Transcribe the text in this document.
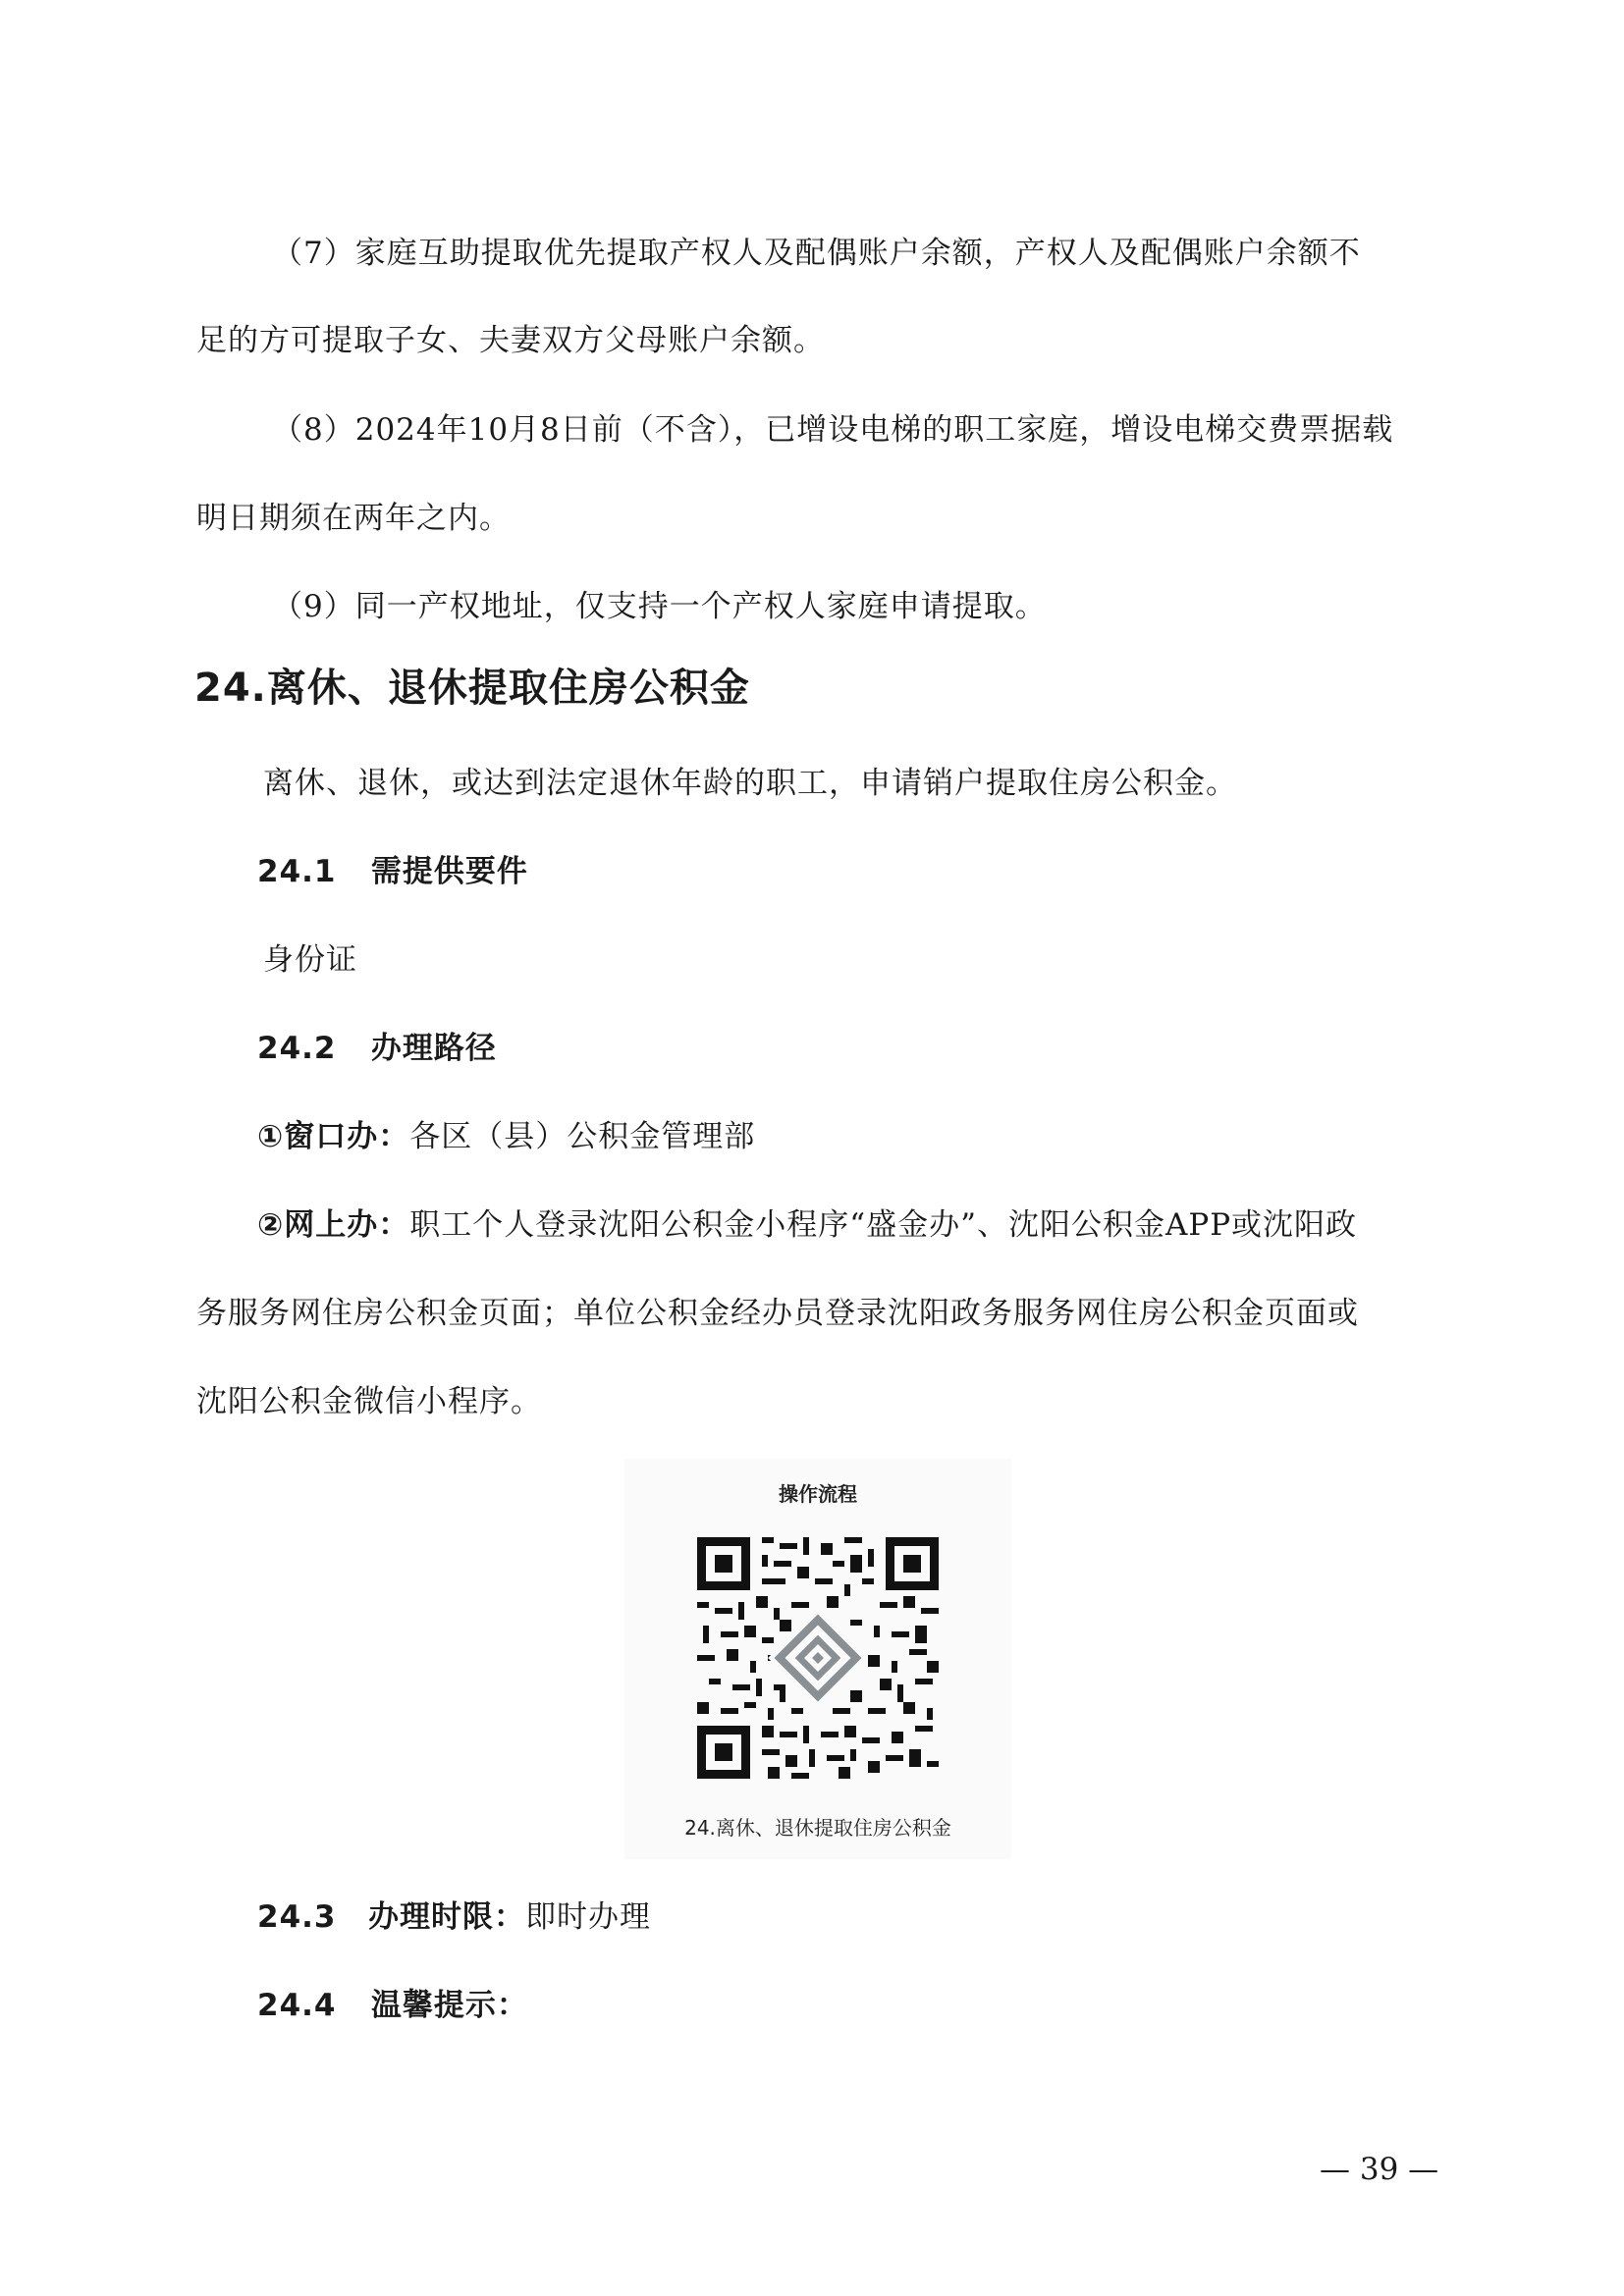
（7）家庭互助提取优先提取产权人及配偶账户余额，产权人及配偶账户余额不
足的方可提取子女、夫妻双方父母账户余额。
（8）2024年10月8日前（不含），已增设电梯的职工家庭，增设电梯交费票据载
明日期须在两年之内。
（9）同一产权地址，仅支持一个产权人家庭申请提取。
24.离休、退休提取住房公积金
离休、退休，或达到法定退休年龄的职工，申请销户提取住房公积金。
24.1 需提供要件
身份证
24.2 办理路径
①窗口办：各区（县）公积金管理部
②网上办：职工个人登录沈阳公积金小程序“盛金办”、沈阳公积金APP或沈阳政
务服务网住房公积金页面；单位公积金经办员登录沈阳政务服务网住房公积金页面或
沈阳公积金微信小程序。
操作流程
24.离休、退休提取住房公积金
24.3 办理时限：即时办理
24.4 温馨提示：
— 39 —
